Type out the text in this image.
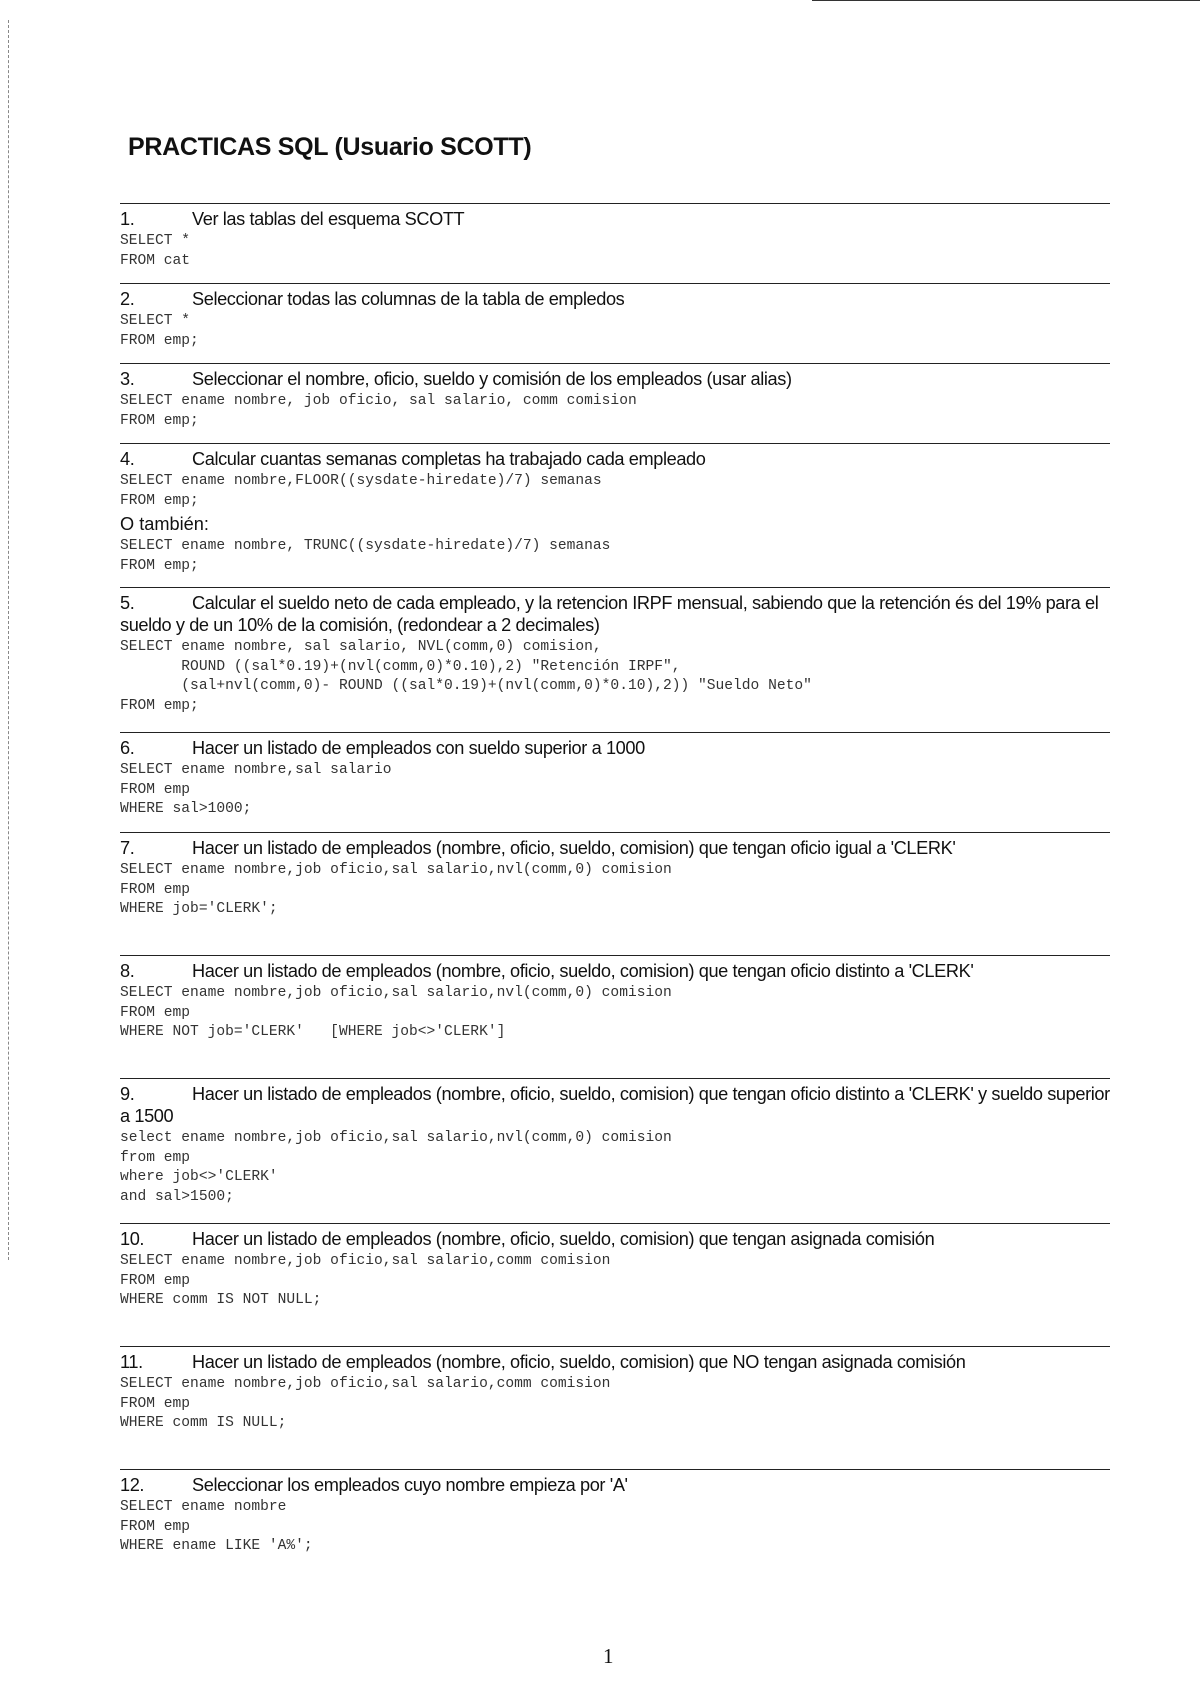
PRACTICAS SQL (Usuario SCOTT)
1.	Ver las tablas del esquema SCOTT
SELECT *
FROM cat
2.	Seleccionar todas las columnas de la tabla de empledos
SELECT *
FROM emp;
3.	Seleccionar el nombre, oficio, sueldo y comisión de los empleados (usar alias)
SELECT ename nombre, job oficio, sal salario, comm comision
FROM emp;
4.	Calcular cuantas semanas completas ha trabajado cada empleado
SELECT ename nombre,FLOOR((sysdate-hiredate)/7) semanas
FROM emp;
O también:
SELECT ename nombre, TRUNC((sysdate-hiredate)/7) semanas
FROM emp;
5.	Calcular el sueldo neto de cada empleado, y la retencion IRPF mensual, sabiendo que la retención és del 19% para el sueldo y de un 10% de la comisión, (redondear a 2 decimales)
SELECT ename nombre, sal salario, NVL(comm,0) comision,
ROUND ((sal*0.19)+(nvl(comm,0)*0.10),2) "Retención IRPF",
(sal+nvl(comm,0)- ROUND ((sal*0.19)+(nvl(comm,0)*0.10),2)) "Sueldo Neto"
FROM emp;
6.	Hacer un listado de empleados con sueldo superior a 1000
SELECT ename nombre,sal salario
FROM emp
WHERE sal>1000;
7.	Hacer un listado de empleados (nombre, oficio, sueldo, comision) que tengan oficio igual a 'CLERK'
SELECT ename nombre,job oficio,sal salario,nvl(comm,0) comision
FROM emp
WHERE job='CLERK';
8.	Hacer un listado de empleados (nombre, oficio, sueldo, comision) que tengan oficio distinto a 'CLERK'
SELECT ename nombre,job oficio,sal salario,nvl(comm,0) comision
FROM emp
WHERE NOT job='CLERK'   [WHERE job<>'CLERK']
9.	Hacer un listado de empleados (nombre, oficio, sueldo, comision) que tengan oficio distinto a 'CLERK' y sueldo superior a 1500
select ename nombre,job oficio,sal salario,nvl(comm,0) comision
from emp
where job<>'CLERK'
and sal>1500;
10.	Hacer un listado de empleados (nombre, oficio, sueldo, comision) que tengan asignada comisión
SELECT ename nombre,job oficio,sal salario,comm comision
FROM emp
WHERE comm IS NOT NULL;
11.	Hacer un listado de empleados (nombre, oficio, sueldo, comision) que NO tengan asignada comisión
SELECT ename nombre,job oficio,sal salario,comm comision
FROM emp
WHERE comm IS NULL;
12.	Seleccionar los empleados cuyo nombre empieza por 'A'
SELECT ename nombre
FROM emp
WHERE ename LIKE 'A%';
1
